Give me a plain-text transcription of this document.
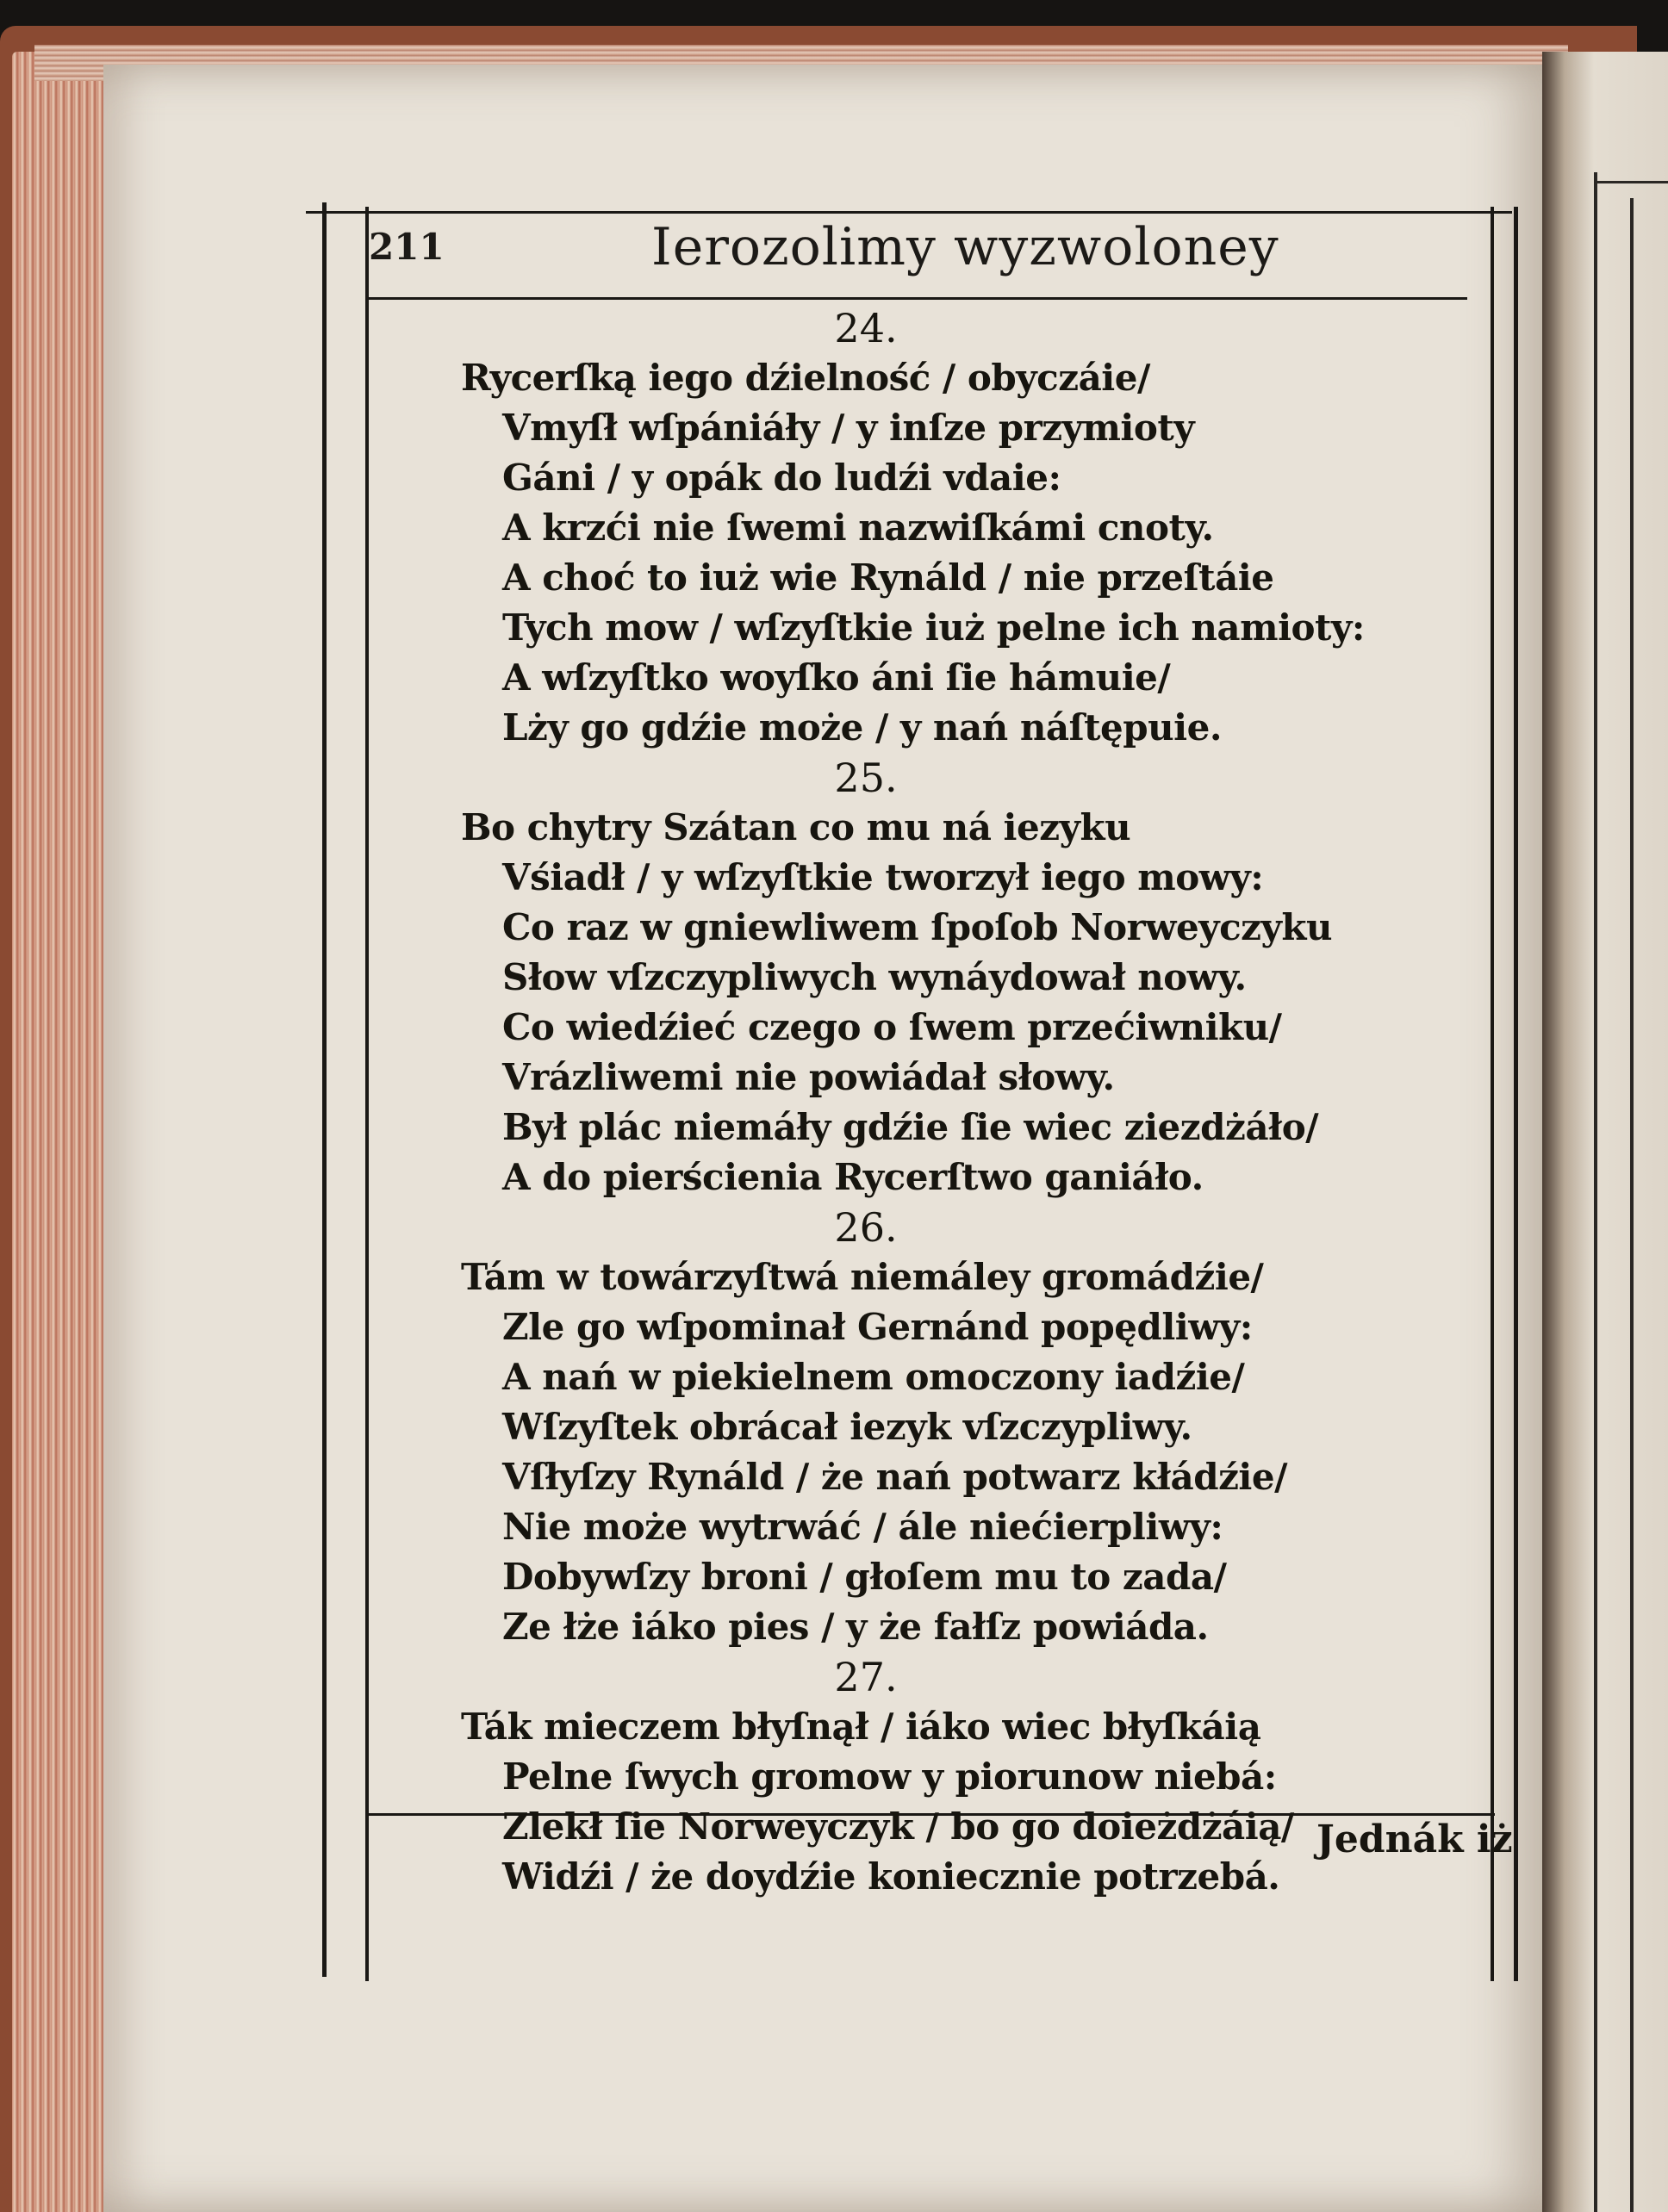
211	Ierozolimy wyzwoloney
24.
Rycerſką iego dźielność / obyczáie/
Vmyſł wſpániáły / y inſze przymioty
Gáni / y opák do ludźi vdaie:
A krzći nie ſwemi nazwiſkámi cnoty.
A choć to iuż wie Rynáld / nie przeſtáie
Tych mow / wſzyſtkie iuż pelne ich namioty:
A wſzyſtko woyſko áni ſie hámuie/
Lży go gdźie może / y nań náſtępuie.
25.
Bo chytry Szátan co mu ná iezyku
Vśiadł / y wſzyſtkie tworzył iego mowy:
Co raz w gniewliwem ſpoſob Norweyczyku
Słow vſzczypliwych wynáydował nowy.
Co wiedźieć czego o ſwem przećiwniku/
Vrázliwemi nie powiádał słowy.
Był plác niemáły gdźie ſie wiec ziezdżáło/
A do pierścienia Rycerſtwo ganiáło.
26.
Tám w towárzyſtwá niemáley gromádźie/
Zle go wſpominał Gernánd popędliwy:
A nań w piekielnem omoczony iadźie/
Wſzyſtek obrácał iezyk vſzczypliwy.
Vſłyſzy Rynáld / że nań potwarz kłádźie/
Nie może wytrwáć / ále niećierpliwy:
Dobywſzy broni / głoſem mu to zada/
Ze łże iáko pies / y że fałſz powiáda.
27.
Ták mieczem błyſnął / iáko wiec błyſkáią
Pelne ſwych gromow y piorunow niebá:
Zlekł ſie Norweyczyk / bo go doieżdżáią/
Widźi / że doydźie koniecznie potrzebá.
Jednák iż
